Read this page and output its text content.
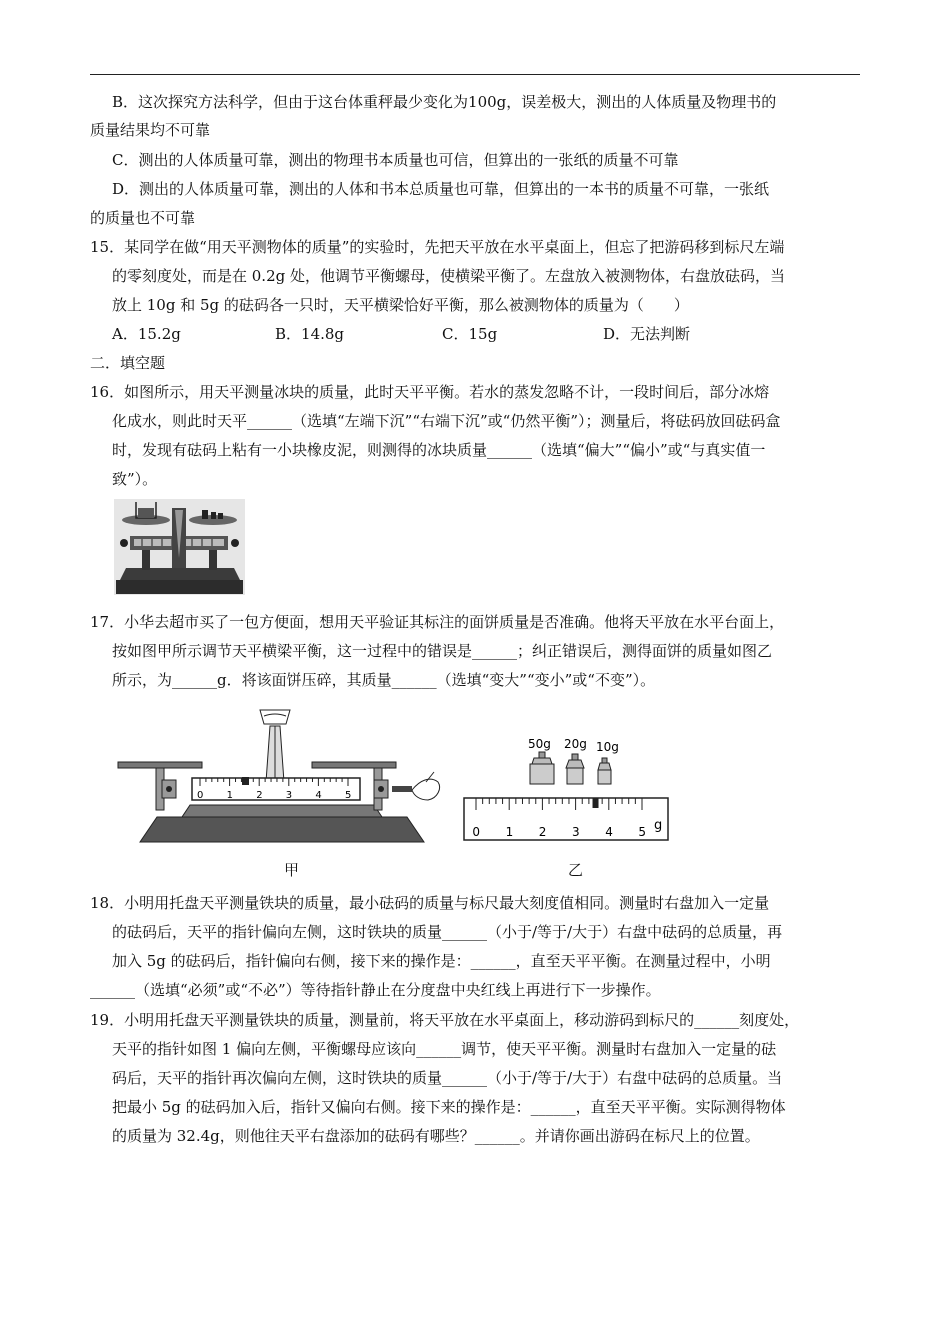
B．这次探究方法科学，但由于这台体重秤最少变化为100g，误差极大，测出的人体质量及物理书的
质量结果均不可靠
C．测出的人体质量可靠，测出的物理书本质量也可信，但算出的一张纸的质量不可靠
D．测出的人体质量可靠，测出的人体和书本总质量也可靠，但算出的一本书的质量不可靠，一张纸
的质量也不可靠
15．某同学在做“用天平测物体的质量”的实验时，先把天平放在水平桌面上，但忘了把游码移到标尺左端
的零刻度处，而是在 0.2g 处，他调节平衡螺母，使横梁平衡了。左盘放入被测物体，右盘放砝码，当
放上 10g 和 5g 的砝码各一只时，天平横梁恰好平衡，那么被测物体的质量为（　　）
A．15.2g	B．14.8g	C．15g	D．无法判断
二．填空题
16．如图所示，用天平测量冰块的质量，此时天平平衡。若水的蒸发忽略不计，一段时间后，部分冰熔
化成水，则此时天平______（选填“左端下沉”“右端下沉”或“仍然平衡”）；测量后，将砝码放回砝码盒
时，发现有砝码上粘有一小块橡皮泥，则测得的冰块质量______（选填“偏大”“偏小”或“与真实值一
致”）。
17．小华去超市买了一包方便面，想用天平验证其标注的面饼质量是否准确。他将天平放在水平台面上，
按如图甲所示调节天平横梁平衡，这一过程中的错误是______；纠正错误后，测得面饼的质量如图乙
所示，为______g．将该面饼压碎，其质量______（选填“变大”“变小”或“不变”）。
0 1 2 3 4 5
甲
50g 20g 10g
0 1 2 3 4 5 g
乙
18．小明用托盘天平测量铁块的质量，最小砝码的质量与标尺最大刻度值相同。测量时右盘加入一定量
的砝码后，天平的指针偏向左侧，这时铁块的质量______（小于/等于/大于）右盘中砝码的总质量，再
加入 5g 的砝码后，指针偏向右侧，接下来的操作是：______，直至天平平衡。在测量过程中，小明
______（选填“必须”或“不必”）等待指针静止在分度盘中央红线上再进行下一步操作。
19．小明用托盘天平测量铁块的质量，测量前，将天平放在水平桌面上，移动游码到标尺的______刻度处，
天平的指针如图 1 偏向左侧，平衡螺母应该向______调节，使天平平衡。测量时右盘加入一定量的砝
码后，天平的指针再次偏向左侧，这时铁块的质量______（小于/等于/大于）右盘中砝码的总质量。当
把最小 5g 的砝码加入后，指针又偏向右侧。接下来的操作是：______，直至天平平衡。实际测得物体
的质量为 32.4g，则他往天平右盘添加的砝码有哪些？______。并请你画出游码在标尺上的位置。
